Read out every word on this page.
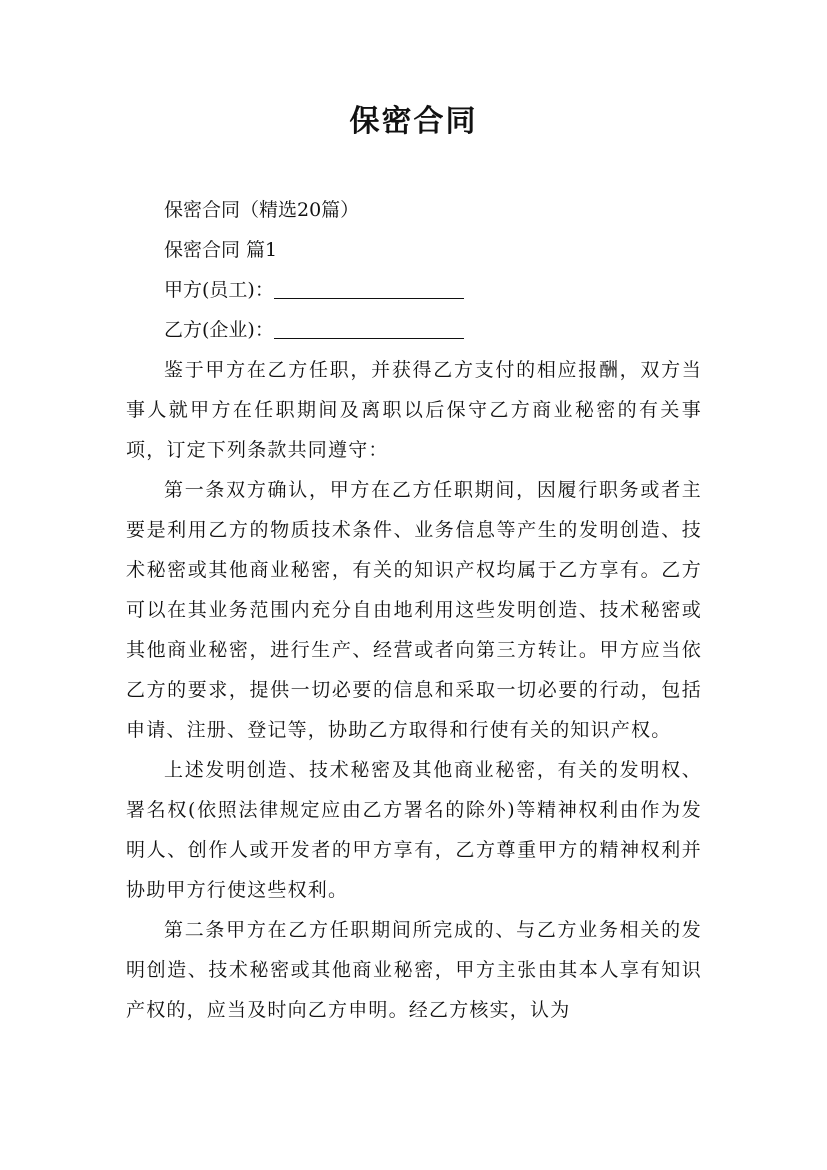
保密合同

保密合同（精选20篇）

保密合同 篇1

甲方(员工)：

乙方(企业)：

鉴于甲方在乙方任职，并获得乙方支付的相应报酬，双方当事人就甲方在任职期间及离职以后保守乙方商业秘密的有关事项，订定下列条款共同遵守：

第一条双方确认，甲方在乙方任职期间，因履行职务或者主要是利用乙方的物质技术条件、业务信息等产生的发明创造、技术秘密或其他商业秘密，有关的知识产权均属于乙方享有。乙方可以在其业务范围内充分自由地利用这些发明创造、技术秘密或其他商业秘密，进行生产、经营或者向第三方转让。甲方应当依乙方的要求，提供一切必要的信息和采取一切必要的行动，包括申请、注册、登记等，协助乙方取得和行使有关的知识产权。

上述发明创造、技术秘密及其他商业秘密，有关的发明权、署名权(依照法律规定应由乙方署名的除外)等精神权利由作为发明人、创作人或开发者的甲方享有，乙方尊重甲方的精神权利并协助甲方行使这些权利。

第二条甲方在乙方任职期间所完成的、与乙方业务相关的发明创造、技术秘密或其他商业秘密，甲方主张由其本人享有知识产权的，应当及时向乙方申明。经乙方核实，认为
